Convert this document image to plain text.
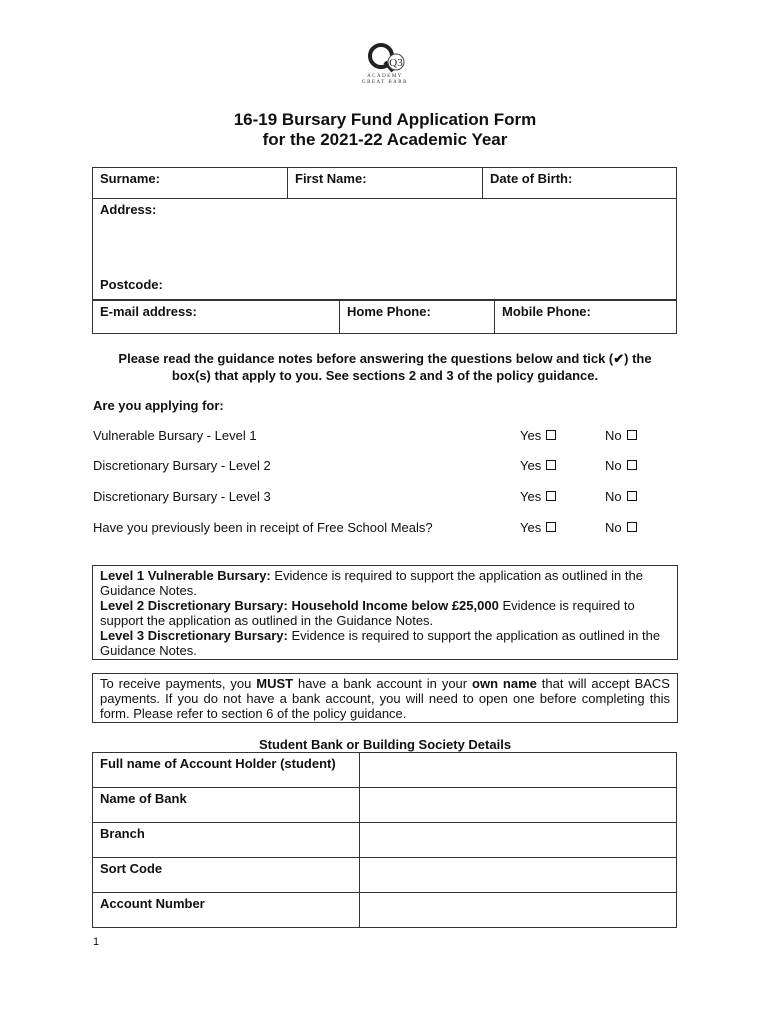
Q3
ACADEMY
GREAT BARR
16-19 Bursary Fund Application Form
for the 2021-22 Academic Year
Surname:	First Name:	Date of Birth:

Address:
Postcode:
E-mail address:	Home Phone:	Mobile Phone:
Please read the guidance notes before answering the questions below and tick (✔) the
box(s) that apply to you. See sections 2 and 3 of the policy guidance.
Are you applying for:
Vulnerable Bursary - Level 1	Yes	No
Discretionary Bursary - Level 2	Yes	No
Discretionary Bursary - Level 3	Yes	No
Have you previously been in receipt of Free School Meals?	Yes	No

Level 1 Vulnerable Bursary: Evidence is required to support the application as outlined in the Guidance Notes.

Level 2 Discretionary Bursary: Household Income below £25,000 Evidence is required to support the application as outlined in the Guidance Notes.

Level 3 Discretionary Bursary: Evidence is required to support the application as outlined in the Guidance Notes.

To receive payments, you MUST have a bank account in your own name that will accept BACS payments. If you do not have a bank account, you will need to open one before completing this form. Please refer to section 6 of the policy guidance.
Student Bank or Building Society Details
Full name of Account Holder (student)	
Name of Bank	
Branch	
Sort Code	
Account Number	
1
